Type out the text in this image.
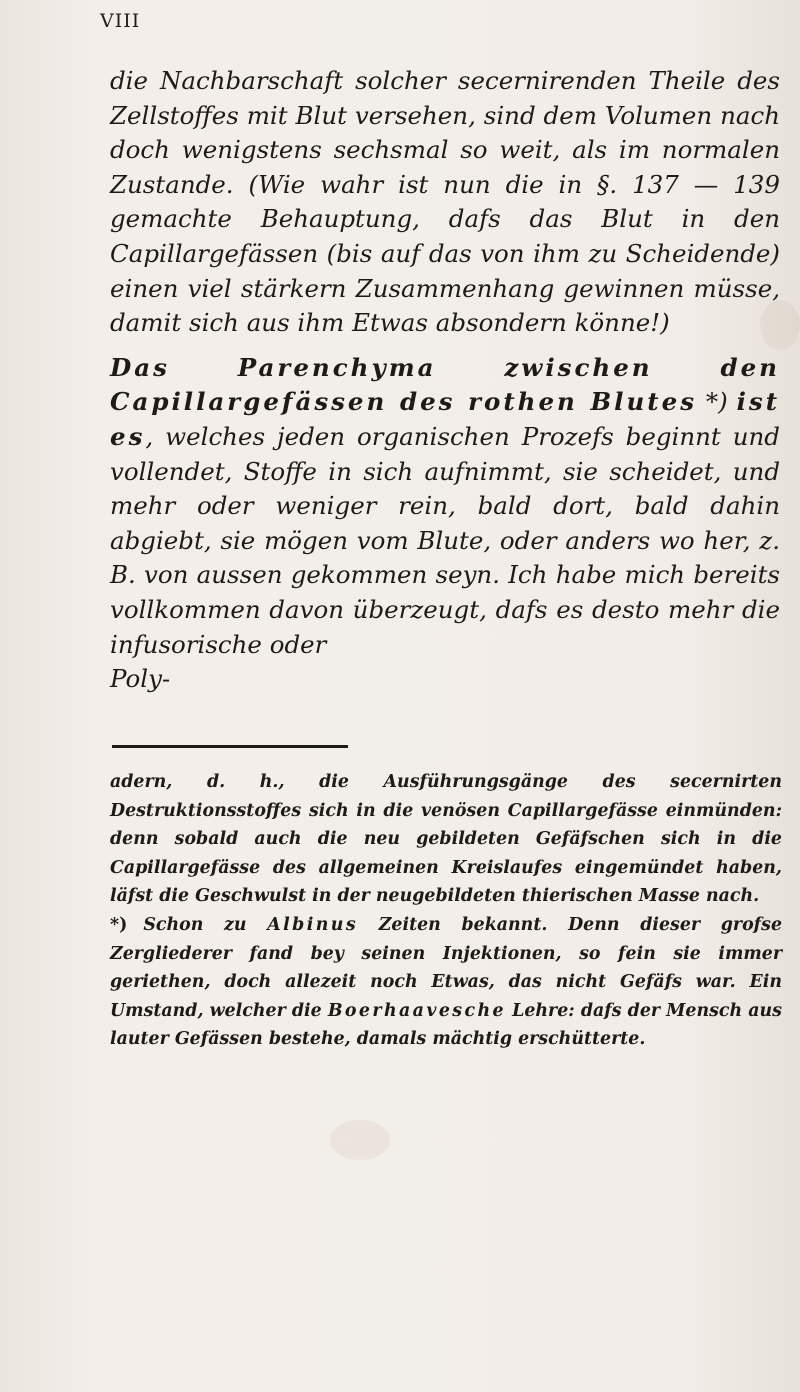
VIII

die Nachbarschaft solcher secernirenden Theile des Zellstoffes mit Blut versehen, sind dem Volumen nach doch wenigstens sechsmal so weit, als im normalen Zustande. (Wie wahr ist nun die in §. 137 — 139 gemachte Behauptung, dafs das Blut in den Capillargefässen (bis auf das von ihm zu Scheidende) einen viel stärkern Zusammenhang gewinnen müsse, damit sich aus ihm Etwas absondern könne!)

Das Parenchyma zwischen den Capillargefässen des rothen Blutes *) ist es, welches jeden organischen Prozefs beginnt und vollendet, Stoffe in sich aufnimmt, sie scheidet, und mehr oder weniger rein, bald dort, bald dahin abgiebt, sie mögen vom Blute, oder anders wo her, z. B. von aussen gekommen seyn. Ich habe mich bereits vollkommen davon überzeugt, dafs es desto mehr die infusorische oder

Poly-

adern, d. h., die Ausführungsgänge des secernirten Destruktionsstoffes sich in die venösen Capillargefässe einmünden: denn sobald auch die neu gebildeten Gefäfschen sich in die Capillargefässe des allgemeinen Kreislaufes eingemündet haben, läfst die Geschwulst in der neugebildeten thierischen Masse nach.

*) Schon zu Albinus Zeiten bekannt. Denn dieser grofse Zergliederer fand bey seinen Injektionen, so fein sie immer geriethen, doch allezeit noch Etwas, das nicht Gefäfs war. Ein Umstand, welcher die Boerhaavesche Lehre: dafs der Mensch aus lauter Gefässen bestehe, damals mächtig erschütterte.
